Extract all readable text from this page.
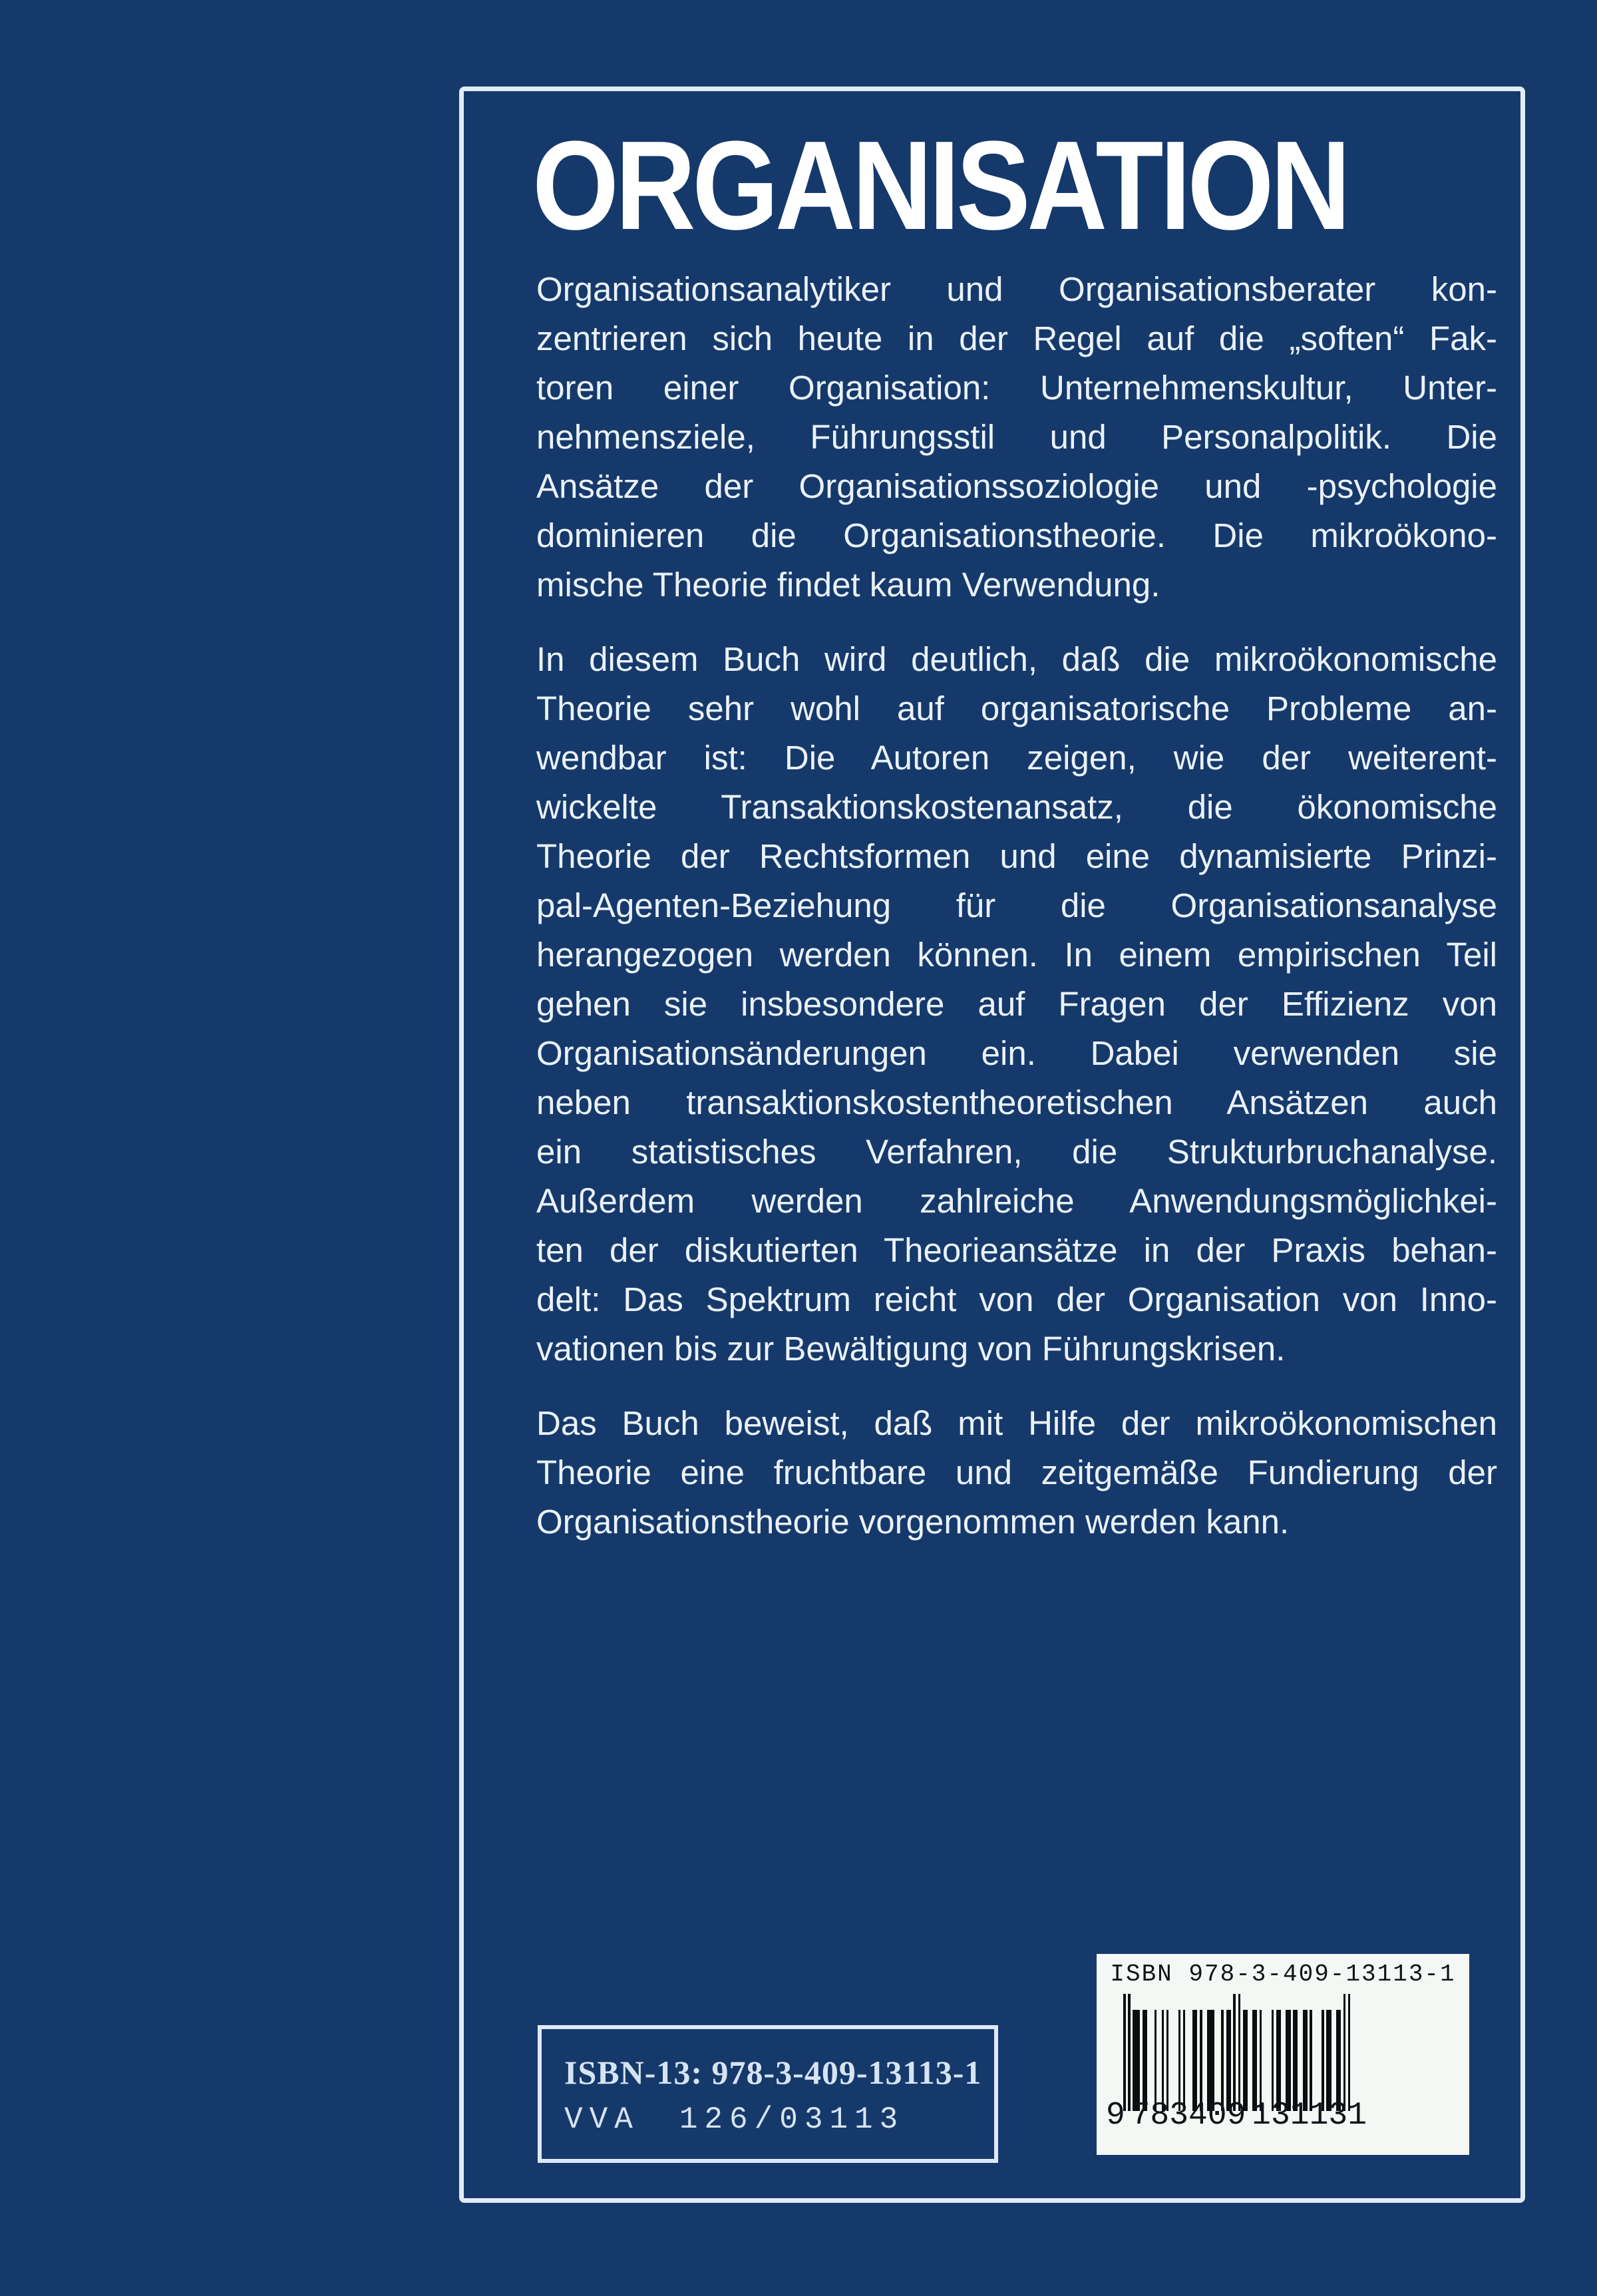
ORGANISATION
Organisationsanalytiker und Organisationsberater kon-
zentrieren sich heute in der Regel auf die „soften“ Fak-
toren einer Organisation: Unternehmenskultur, Unter-
nehmensziele, Führungsstil und Personalpolitik. Die
Ansätze der Organisationssoziologie und -psychologie
dominieren die Organisationstheorie. Die mikroökono-
mische Theorie findet kaum Verwendung.
In diesem Buch wird deutlich, daß die mikroökonomische
Theorie sehr wohl auf organisatorische Probleme an-
wendbar ist: Die Autoren zeigen, wie der weiterent-
wickelte Transaktionskostenansatz, die ökonomische
Theorie der Rechtsformen und eine dynamisierte Prinzi-
pal-Agenten-Beziehung für die Organisationsanalyse
herangezogen werden können. In einem empirischen Teil
gehen sie insbesondere auf Fragen der Effizienz von
Organisationsänderungen ein. Dabei verwenden sie
neben transaktionskostentheoretischen Ansätzen auch
ein statistisches Verfahren, die Strukturbruchanalyse.
Außerdem werden zahlreiche Anwendungsmöglichkei-
ten der diskutierten Theorieansätze in der Praxis behan-
delt: Das Spektrum reicht von der Organisation von Inno-
vationen bis zur Bewältigung von Führungskrisen.
Das Buch beweist, daß mit Hilfe der mikroökonomischen
Theorie eine fruchtbare und zeitgemäße Fundierung der
Organisationstheorie vorgenommen werden kann.
ISBN-13: 978-3-409-13113-1
VVA 126/03113
ISBN 978-3-409-13113-1
9 783409 131131
